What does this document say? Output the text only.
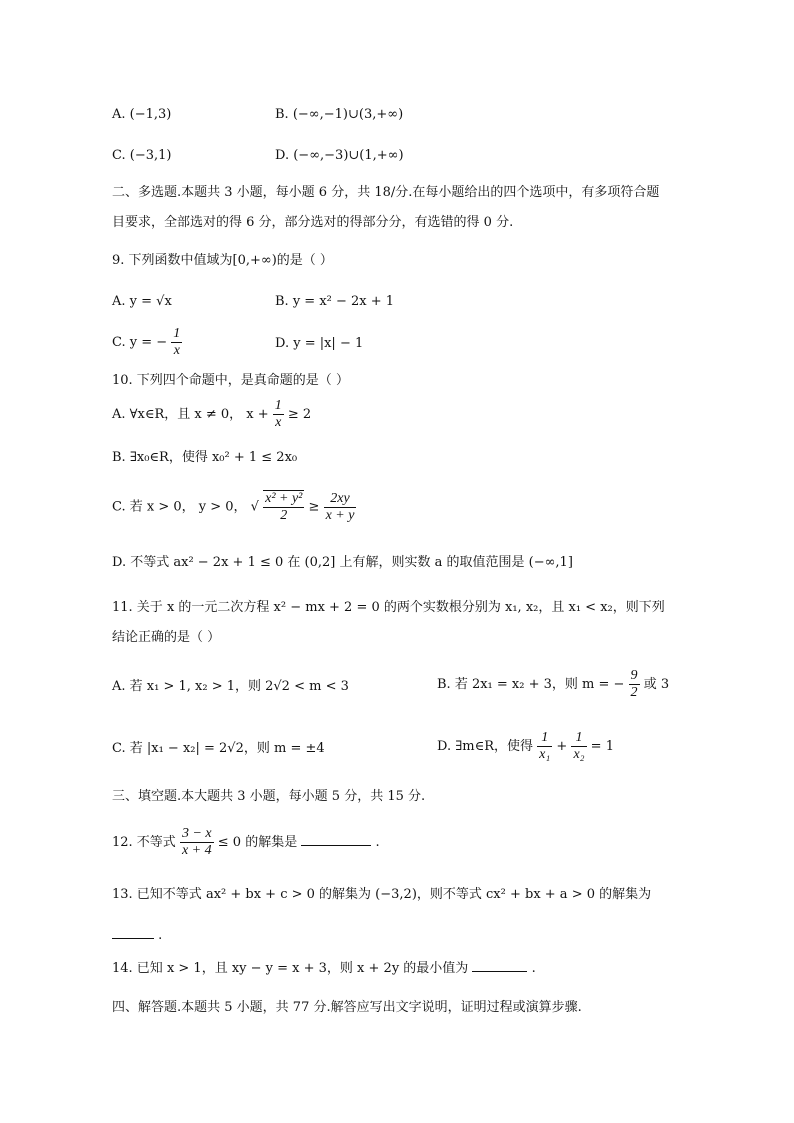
A. (−1,3)	B. (−∞,−1)∪(3,+∞)
C. (−3,1)	D. (−∞,−3)∪(1,+∞)
二、多选题.本题共 3 小题，每小题 6 分，共 18/分.在每小题给出的四个选项中，有多项符合题目要求，全部选对的得 6 分，部分选对的得部分分，有选错的得 0 分.
9. 下列函数中值域为[0,+∞)的是（ ）
A. y = √x	B. y = x² − 2x + 1
C. y = − $\frac{1}{x}$	D. y = |x| − 1
10. 下列四个命题中，是真命题的是（ ）
A. ∀x∈R，且 x ≠ 0， $x + \frac{1}{x} \ge 2$
B. ∃x₀∈R，使得 x₀² + 1 ≤ 2x₀
C. 若 x > 0， y > 0， √ $\frac{\text{x² + y²}}{2} \ge \frac{2xy}{x + y}$
D. 不等式 ax² − 2x + 1 ≤ 0 在 (0,2] 上有解，则实数 a 的取值范围是 (−∞,1]
11. 关于 x 的一元二次方程 x² − mx + 2 = 0 的两个实数根分别为 x₁, x₂，且 x₁ < x₂，则下列结论正确的是（ ）
A. 若 x₁ > 1, x₂ > 1，则 2√2 < m < 3	B. 若 2x₁ = x₂ + 3，则 m = − $\frac{9}{2}$ 或 3
C. 若 |x₁ − x₂| = 2√2，则 m = ±4	D. ∃m∈R，使得 $\frac{1}{\text{x₁}} + \frac{1}{\text{x₂}} = 1$
三、填空题.本大题共 3 小题，每小题 5 分，共 15 分.
12. 不等式 $\frac{3 - x}{x + 4} \le 0$ 的解集是	.
13. 已知不等式 ax² + bx + c > 0 的解集为 (−3,2)，则不等式 cx² + bx + a > 0 的解集为
.
14. 已知 x > 1，且 xy − y = x + 3，则 x + 2y 的最小值为	.
四、解答题.本题共 5 小题，共 77 分.解答应写出文字说明，证明过程或演算步骤.
